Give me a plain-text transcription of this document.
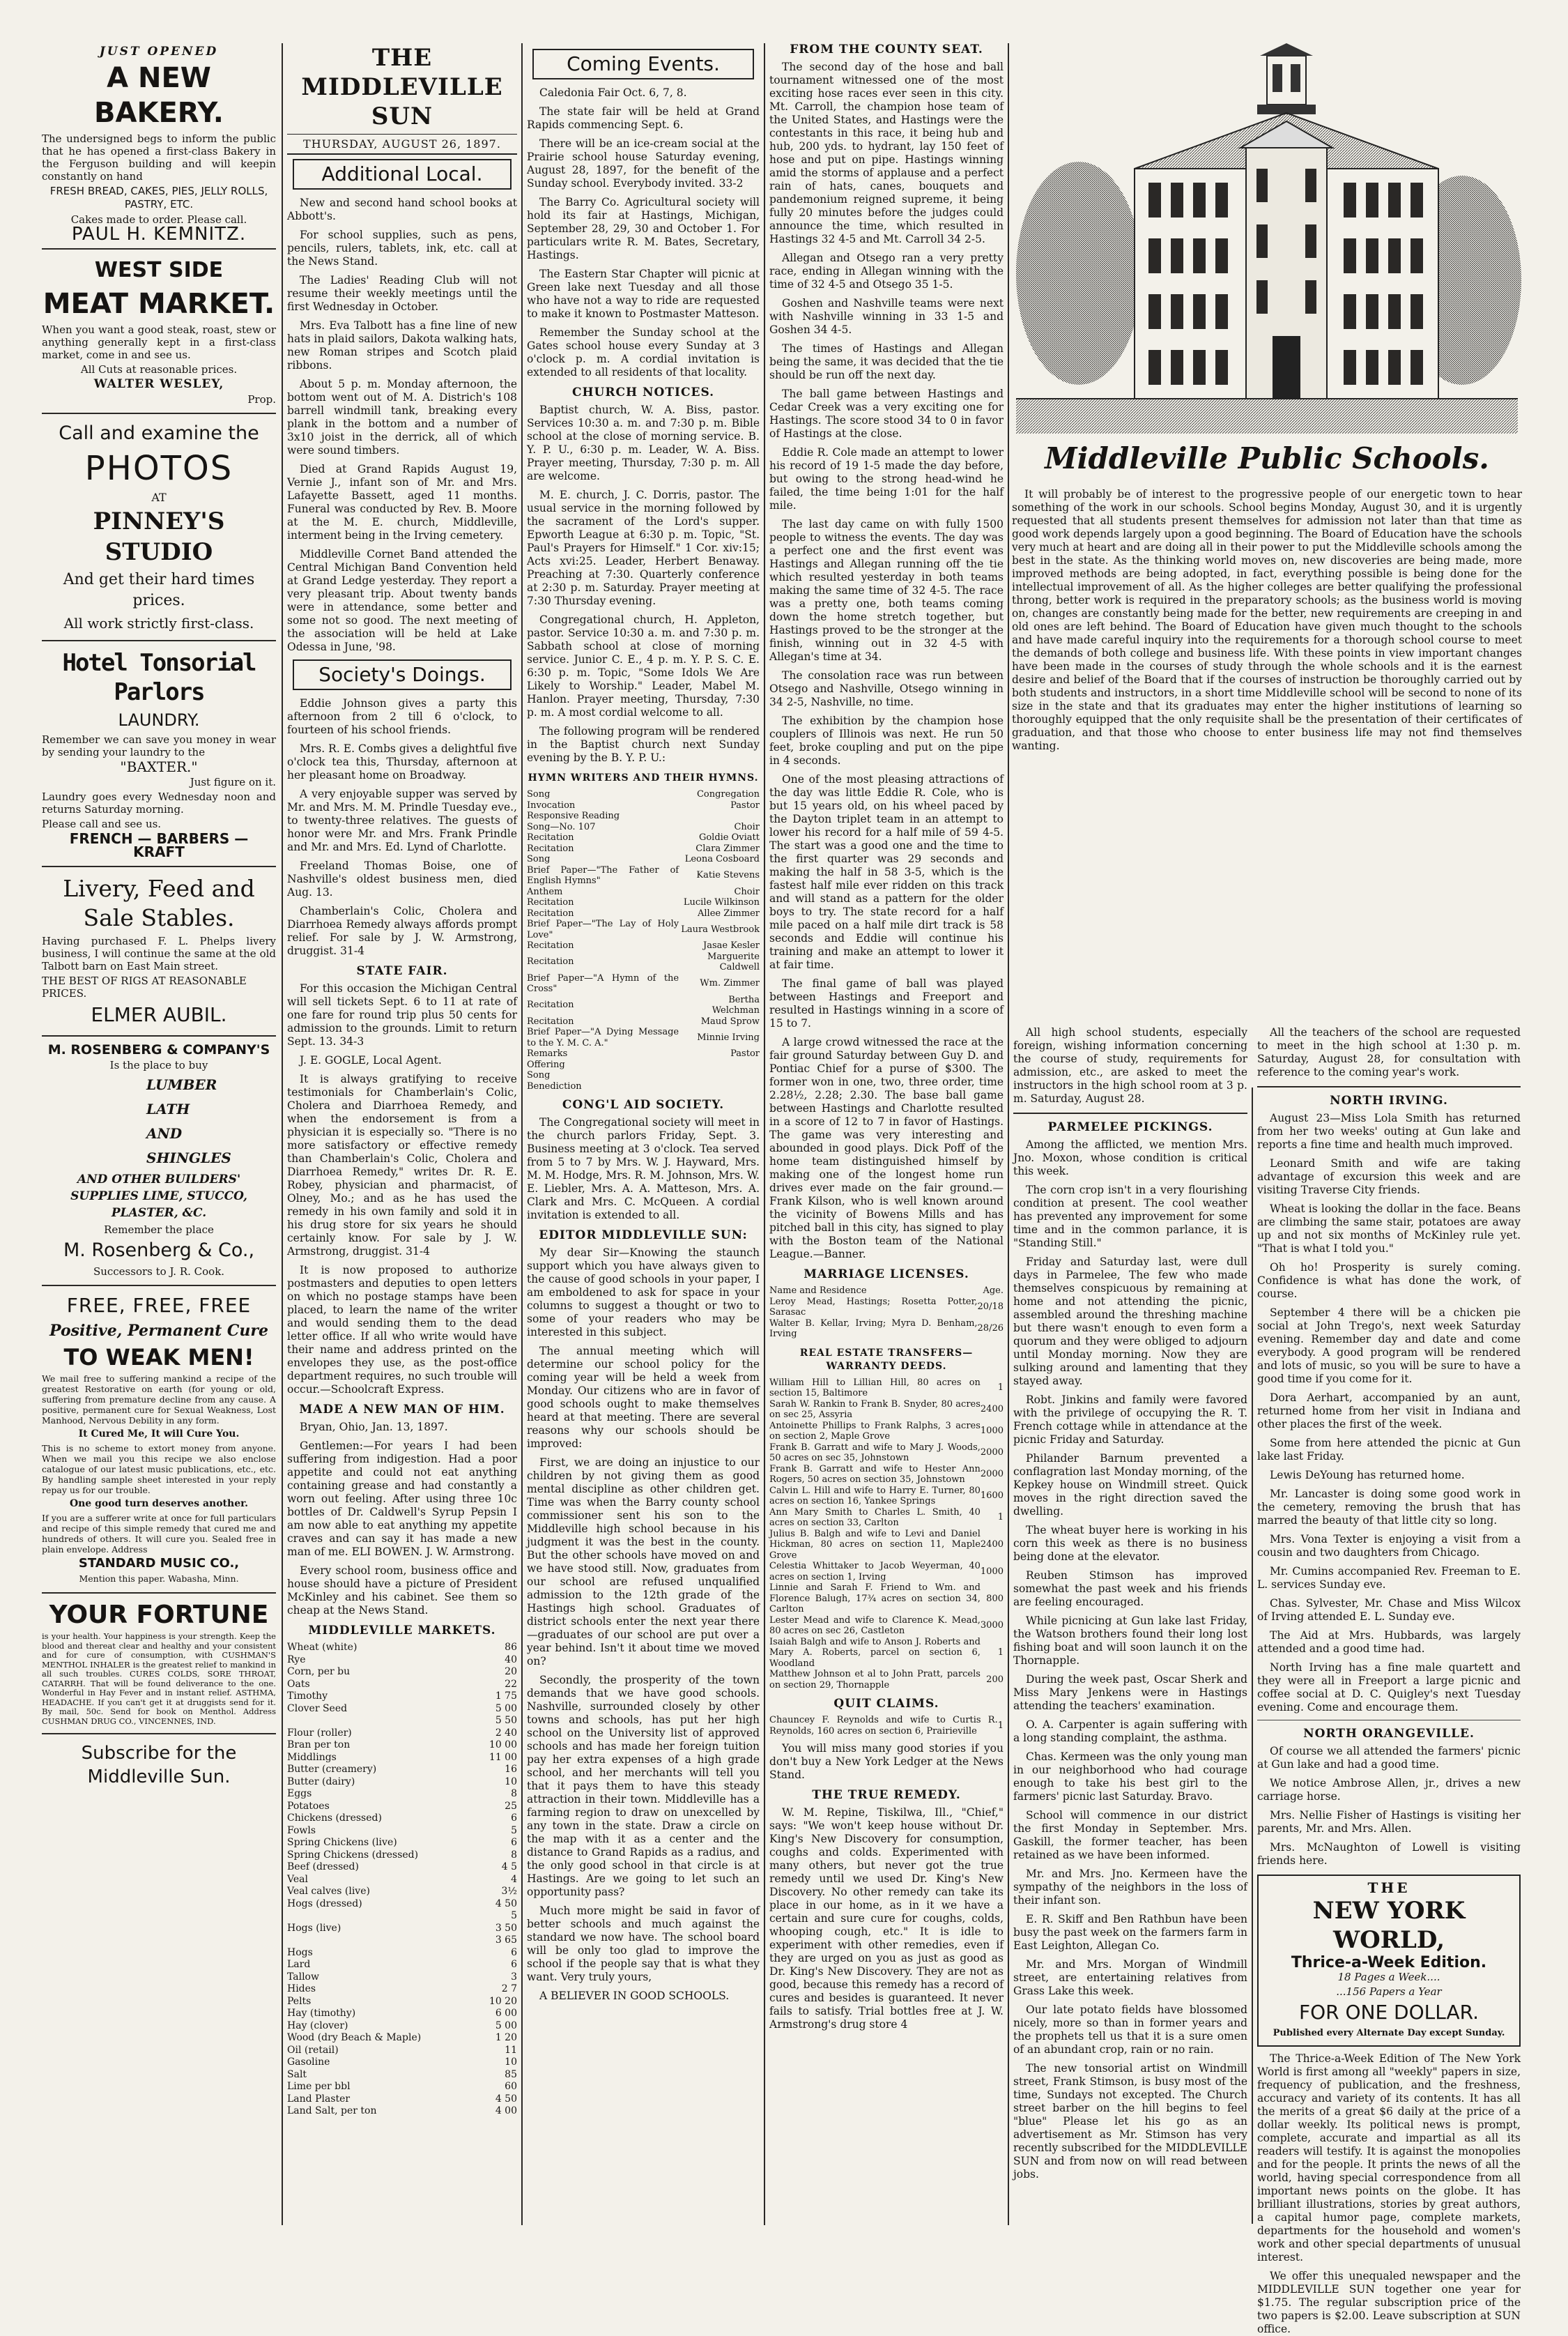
JUST OPENED

A NEW BAKERY.

The undersigned begs to inform the public that he has opened a first-class Bakery in the Ferguson building and will keepin constantly on hand

FRESH BREAD, CAKES, PIES, JELLY ROLLS, PASTRY, ETC.

Cakes made to order. Please call.

PAUL H. KEMNITZ.

WEST SIDE

MEAT MARKET.

When you want a good steak, roast, stew or anything generally kept in a first-class market, come in and see us.

All Cuts at reasonable prices.

WALTER WESLEY,

Prop.

Call and examine the

PHOTOS

AT

PINNEY'S STUDIO

And get their hard times prices.

All work strictly first-class.

Hotel Tonsorial Parlors

LAUNDRY.

Remember we can save you money in wear by sending your laundry to the

"BAXTER."

Just figure on it.

Laundry goes every Wednesday noon and returns Saturday morning.

Please call and see us.

FRENCH — BARBERS — KRAFT

Livery, Feed and Sale Stables.

Having purchased F. L. Phelps livery business, I will continue the same at the old Talbott barn on East Main street.

THE BEST OF RIGS AT REASONABLE PRICES.

ELMER AUBIL.

M. ROSENBERG & COMPANY'S

Is the place to buy

LUMBER

LATH

AND

SHINGLES

AND OTHER BUILDERS' SUPPLIES LIME, STUCCO, PLASTER, &C.

Remember the place

M. Rosenberg & Co.,

Successors to J. R. Cook.

FREE, FREE, FREE

Positive, Permanent Cure

TO WEAK MEN!

We mail free to suffering mankind a recipe of the greatest Restorative on earth (for young or old, suffering from premature decline from any cause. A positive, permanent cure for Sexual Weakness, Lost Manhood, Nervous Debility in any form.

It Cured Me, It will Cure You.

This is no scheme to extort money from anyone. When we mail you this recipe we also enclose catalogue of our latest music publications, etc., etc. By handling sample sheet interested in your reply repay us for our trouble.

One good turn deserves another.

If you are a sufferer write at once for full particulars and recipe of this simple remedy that cured me and hundreds of others. It will cure you. Sealed free in plain envelope. Address

STANDARD MUSIC CO.,

Mention this paper. Wabasha, Minn.

YOUR FORTUNE

is your health. Your happiness is your strength. Keep the blood and thereat clear and healthy and your consistent and for cure of consumption, with CUSHMAN'S MENTHOL INHALER is the greatest relief to mankind in all such troubles. CURES COLDS, SORE THROAT, CATARRH. That will be found deliverance to the one. Wonderful in Hay Fever and in instant relief. ASTHMA, HEADACHE. If you can't get it at druggists send for it. By mail, 50c. Send for book on Menthol. Address CUSHMAN DRUG CO., VINCENNES, IND.

Subscribe for the Middleville Sun.

THE MIDDLEVILLE SUN
THURSDAY, AUGUST 26, 1897.
Additional Local.

New and second hand school books at Abbott's.

For school supplies, such as pens, pencils, rulers, tablets, ink, etc. call at the News Stand.

The Ladies' Reading Club will not resume their weekly meetings until the first Wednesday in October.

Mrs. Eva Talbott has a fine line of new hats in plaid sailors, Dakota walking hats, new Roman stripes and Scotch plaid ribbons.

About 5 p. m. Monday afternoon, the bottom went out of M. A. Districh's 108 barrell windmill tank, breaking every plank in the bottom and a number of 3x10 joist in the derrick, all of which were sound timbers.

Died at Grand Rapids August 19, Vernie J., infant son of Mr. and Mrs. Lafayette Bassett, aged 11 months. Funeral was conducted by Rev. B. Moore at the M. E. church, Middleville, interment being in the Irving cemetery.

Middleville Cornet Band attended the Central Michigan Band Convention held at Grand Ledge yesterday. They report a very pleasant trip. About twenty bands were in attendance, some better and some not so good. The next meeting of the association will be held at Lake Odessa in June, '98.

Society's Doings.

Eddie Johnson gives a party this afternoon from 2 till 6 o'clock, to fourteen of his school friends.

Mrs. R. E. Combs gives a delightful five o'clock tea this, Thursday, afternoon at her pleasant home on Broadway.

A very enjoyable supper was served by Mr. and Mrs. M. M. Prindle Tuesday eve., to twenty-three relatives. The guests of honor were Mr. and Mrs. Frank Prindle and Mr. and Mrs. Ed. Lynd of Charlotte.

Freeland Thomas Boise, one of Nashville's oldest business men, died Aug. 13.

Chamberlain's Colic, Cholera and Diarrhoea Remedy always affords prompt relief. For sale by J. W. Armstrong, druggist. 31-4

STATE FAIR.

For this occasion the Michigan Central will sell tickets Sept. 6 to 11 at rate of one fare for round trip plus 50 cents for admission to the grounds. Limit to return Sept. 13. 34-3

J. E. GOGLE, Local Agent.

It is always gratifying to receive testimonials for Chamberlain's Colic, Cholera and Diarrhoea Remedy, and when the endorsement is from a physician it is especially so. "There is no more satisfactory or effective remedy than Chamberlain's Colic, Cholera and Diarrhoea Remedy," writes Dr. R. E. Robey, physician and pharmacist, of Olney, Mo.; and as he has used the remedy in his own family and sold it in his drug store for six years he should certainly know. For sale by J. W. Armstrong, druggist. 31-4

It is now proposed to authorize postmasters and deputies to open letters on which no postage stamps have been placed, to learn the name of the writer and would sending them to the dead letter office. If all who write would have their name and address printed on the envelopes they use, as the post-office department requires, no such trouble will occur.—Schoolcraft Express.

MADE A NEW MAN OF HIM.

Bryan, Ohio, Jan. 13, 1897.

Gentlemen:—For years I had been suffering from indigestion. Had a poor appetite and could not eat anything containing grease and had constantly a worn out feeling. After using three 10c bottles of Dr. Caldwell's Syrup Pepsin I am now able to eat anything my appetite craves and can say it has made a new man of me. ELI BOWEN. J. W. Armstrong.

Every school room, business office and house should have a picture of President McKinley and his cabinet. See them so cheap at the News Stand.

MIDDLEVILLE MARKETS.
Wheat (white)	86
Rye	40
Corn, per bu	20
Oats	22
Timothy	1 75
Clover Seed	5 00 5 50
Flour (roller)	2 40
Bran per ton	10 00
Middlings	11 00
Butter (creamery)	16
Butter (dairy)	10
Eggs	8
Potatoes	25
Chickens (dressed)	6
Fowls	5
Spring Chickens (live)	6
Spring Chickens (dressed)	8
Beef (dressed)	4 5
Veal	4
Veal calves (live)	3½
Hogs (dressed)	4 50 5
Hogs (live)	3 50 3 65
Hogs	6
Lard	6
Tallow	3
Hides	2 7
Pelts	10 20
Hay (timothy)	6 00
Hay (clover)	5 00
Wood (dry Beach & Maple)	1 20
Oil (retail)	11
Gasoline	10
Salt	85
Lime per bbl	60
Land Plaster	4 50
Land Salt, per ton	4 00
Coming Events.

Caledonia Fair Oct. 6, 7, 8.

The state fair will be held at Grand Rapids commencing Sept. 6.

There will be an ice-cream social at the Prairie school house Saturday evening, August 28, 1897, for the benefit of the Sunday school. Everybody invited. 33-2

The Barry Co. Agricultural society will hold its fair at Hastings, Michigan, September 28, 29, 30 and October 1. For particulars write R. M. Bates, Secretary, Hastings.

The Eastern Star Chapter will picnic at Green lake next Tuesday and all those who have not a way to ride are requested to make it known to Postmaster Matteson.

Remember the Sunday school at the Gates school house every Sunday at 3 o'clock p. m. A cordial invitation is extended to all residents of that locality.

CHURCH NOTICES.

Baptist church, W. A. Biss, pastor. Services 10:30 a. m. and 7:30 p. m. Bible school at the close of morning service. B. Y. P. U., 6:30 p. m. Leader, W. A. Biss. Prayer meeting, Thursday, 7:30 p. m. All are welcome.

M. E. church, J. C. Dorris, pastor. The usual service in the morning followed by the sacrament of the Lord's supper. Epworth League at 6:30 p. m. Topic, "St. Paul's Prayers for Himself." 1 Cor. xiv:15; Acts xvi:25. Leader, Herbert Benaway. Preaching at 7:30. Quarterly conference at 2:30 p. m. Saturday. Prayer meeting at 7:30 Thursday evening.

Congregational church, H. Appleton, pastor. Service 10:30 a. m. and 7:30 p. m. Sabbath school at close of morning service. Junior C. E., 4 p. m. Y. P. S. C. E. 6:30 p. m. Topic, "Some Idols We Are Likely to Worship." Leader, Mabel M. Hanlon. Prayer meeting, Thursday, 7:30 p. m. A most cordial welcome to all.

The following program will be rendered in the Baptist church next Sunday evening by the B. Y. P. U.:

HYMN WRITERS AND THEIR HYMNS.
Song	Congregation
Invocation	Pastor
Responsive Reading	
Song—No. 107	Choir
Recitation	Goldie Oviatt
Recitation	Clara Zimmer
Song	Leona Cosboard
Brief Paper—"The Father of English Hymns"	Katie Stevens
Anthem	Choir
Recitation	Lucile Wilkinson
Recitation	Allee Zimmer
Brief Paper—"The Lay of Holy Love"	Laura Westbrook
Recitation	Jasae Kesler
Recitation	Marguerite Caldwell
Brief Paper—"A Hymn of the Cross"	Wm. Zimmer
Recitation	Bertha Welchman
Recitation	Maud Sprow
Brief Paper—"A Dying Message to the Y. M. C. A."	Minnie Irving
Remarks	Pastor
Offering	
Song	
Benediction	
CONG'L AID SOCIETY.

The Congregational society will meet in the church parlors Friday, Sept. 3. Business meeting at 3 o'clock. Tea served from 5 to 7 by Mrs. W. J. Hayward, Mrs. M. M. Hodge, Mrs. R. M. Johnson, Mrs. W. E. Liebler, Mrs. A. A. Matteson, Mrs. A. Clark and Mrs. C. McQueen. A cordial invitation is extended to all.

EDITOR MIDDLEVILLE SUN:

My dear Sir—Knowing the staunch support which you have always given to the cause of good schools in your paper, I am emboldened to ask for space in your columns to suggest a thought or two to some of your readers who may be interested in this subject.

The annual meeting which will determine our school policy for the coming year will be held a week from Monday. Our citizens who are in favor of good schools ought to make themselves heard at that meeting. There are several reasons why our schools should be improved:

First, we are doing an injustice to our children by not giving them as good mental discipline as other children get. Time was when the Barry county school commissioner sent his son to the Middleville high school because in his judgment it was the best in the county. But the other schools have moved on and we have stood still. Now, graduates from our school are refused unqualified admission to the 12th grade of the Hastings high school. Graduates of district schools enter the next year there—graduates of our school are put over a year behind. Isn't it about time we moved on?

Secondly, the prosperity of the town demands that we have good schools. Nashville, surrounded closely by other towns and schools, has put her high school on the University list of approved schools and has made her foreign tuition pay her extra expenses of a high grade school, and her merchants will tell you that it pays them to have this steady attraction in their town. Middleville has a farming region to draw on unexcelled by any town in the state. Draw a circle on the map with it as a center and the distance to Grand Rapids as a radius, and the only good school in that circle is at Hastings. Are we going to let such an opportunity pass?

Much more might be said in favor of better schools and much against the standard we now have. The school board will be only too glad to improve the school if the people say that is what they want. Very truly yours,

A BELIEVER IN GOOD SCHOOLS.

FROM THE COUNTY SEAT.

The second day of the hose and ball tournament witnessed one of the most exciting hose races ever seen in this city. Mt. Carroll, the champion hose team of the United States, and Hastings were the contestants in this race, it being hub and hub, 200 yds. to hydrant, lay 150 feet of hose and put on pipe. Hastings winning amid the storms of applause and a perfect rain of hats, canes, bouquets and pandemonium reigned supreme, it being fully 20 minutes before the judges could announce the time, which resulted in Hastings 32 4-5 and Mt. Carroll 34 2-5.

Allegan and Otsego ran a very pretty race, ending in Allegan winning with the time of 32 4-5 and Otsego 35 1-5.

Goshen and Nashville teams were next with Nashville winning in 33 1-5 and Goshen 34 4-5.

The times of Hastings and Allegan being the same, it was decided that the tie should be run off the next day.

The ball game between Hastings and Cedar Creek was a very exciting one for Hastings. The score stood 34 to 0 in favor of Hastings at the close.

Eddie R. Cole made an attempt to lower his record of 19 1-5 made the day before, but owing to the strong head-wind he failed, the time being 1:01 for the half mile.

The last day came on with fully 1500 people to witness the events. The day was a perfect one and the first event was Hastings and Allegan running off the tie which resulted yesterday in both teams making the same time of 32 4-5. The race was a pretty one, both teams coming down the home stretch together, but Hastings proved to be the stronger at the finish, winning out in 32 4-5 with Allegan's time at 34.

The consolation race was run between Otsego and Nashville, Otsego winning in 34 2-5, Nashville, no time.

The exhibition by the champion hose couplers of Illinois was next. He run 50 feet, broke coupling and put on the pipe in 4 seconds.

One of the most pleasing attractions of the day was little Eddie R. Cole, who is but 15 years old, on his wheel paced by the Dayton triplet team in an attempt to lower his record for a half mile of 59 4-5. The start was a good one and the time to the first quarter was 29 seconds and making the half in 58 3-5, which is the fastest half mile ever ridden on this track and will stand as a pattern for the older boys to try. The state record for a half mile paced on a half mile dirt track is 58 seconds and Eddie will continue his training and make an attempt to lower it at fair time.

The final game of ball was played between Hastings and Freeport and resulted in Hastings winning in a score of 15 to 7.

A large crowd witnessed the race at the fair ground Saturday between Guy D. and Pontiac Chief for a purse of $300. The former won in one, two, three order, time 2.28½, 2.28; 2.30. The base ball game between Hastings and Charlotte resulted in a score of 12 to 7 in favor of Hastings. The game was very interesting and abounded in good plays. Dick Poff of the home team distinguished himself by making one of the longest home run drives ever made on the fair ground.—Frank Kilson, who is well known around the vicinity of Bowens Mills and has pitched ball in this city, has signed to play with the Boston team of the National League.—Banner.

MARRIAGE LICENSES.
Name and Residence	Age.
Leroy Mead, Hastings; Rosetta Potter, Sarasac	20/18
Walter B. Kellar, Irving; Myra D. Benham, Irving	28/26
REAL ESTATE TRANSFERS—WARRANTY DEEDS.
William Hill to Lillian Hill, 80 acres on section 15, Baltimore	1
Sarah W. Rankin to Frank B. Snyder, 80 acres on sec 25, Assyria	2400
Antoinette Phillips to Frank Ralphs, 3 acres on section 2, Maple Grove	1000
Frank B. Garratt and wife to Mary J. Woods, 50 acres on sec 35, Johnstown	2000
Frank B. Garratt and wife to Hester Ann Rogers, 50 acres on section 35, Johnstown	2000
Calvin L. Hill and wife to Harry E. Turner, 80 acres on section 16, Yankee Springs	1600
Ann Mary Smith to Charles L. Smith, 40 acres on section 33, Carlton	1
Julius B. Balgh and wife to Levi and Daniel Hickman, 80 acres on section 11, Maple Grove	2400
Celestia Whittaker to Jacob Weyerman, 40 acres on section 1, Irving	1000
Linnie and Sarah F. Friend to Wm. and Florence Balugh, 17¾ acres on section 34, Carlton	800
Lester Mead and wife to Clarence K. Mead, 80 acres on sec 26, Castleton	3000
Isaiah Balgh and wife to Anson J. Roberts and Mary A. Roberts, parcel on section 6, Woodland	1
Matthew Johnson et al to John Pratt, parcels on section 29, Thornapple	200
QUIT CLAIMS.
Chauncey F. Reynolds and wife to Curtis R. Reynolds, 160 acres on section 6, Prairieville	1

You will miss many good stories if you don't buy a New York Ledger at the News Stand.

THE TRUE REMEDY.

W. M. Repine, Tiskilwa, Ill., "Chief," says: "We won't keep house without Dr. King's New Discovery for consumption, coughs and colds. Experimented with many others, but never got the true remedy until we used Dr. King's New Discovery. No other remedy can take its place in our home, as in it we have a certain and sure cure for coughs, colds, whooping cough, etc." It is idle to experiment with other remedies, even if they are urged on you as just as good as Dr. King's New Discovery. They are not as good, because this remedy has a record of cures and besides is guaranteed. It never fails to satisfy. Trial bottles free at J. W. Armstrong's drug store 4

Middleville Public Schools.

It will probably be of interest to the progressive people of our energetic town to hear something of the work in our schools. School begins Monday, August 30, and it is urgently requested that all students present themselves for admission not later than that time as good work depends largely upon a good beginning. The Board of Education have the schools very much at heart and are doing all in their power to put the Middleville schools among the best in the state. As the thinking world moves on, new discoveries are being made, more improved methods are being adopted, in fact, everything possible is being done for the intellectual improvement of all. As the higher colleges are better qualifying the professional throng, better work is required in the preparatory schools; as the business world is moving on, changes are constantly being made for the better, new requirements are creeping in and old ones are left behind. The Board of Education have given much thought to the schools and have made careful inquiry into the requirements for a thorough school course to meet the demands of both college and business life. With these points in view important changes have been made in the courses of study through the whole schools and it is the earnest desire and belief of the Board that if the courses of instruction be thoroughly carried out by both students and instructors, in a short time Middleville school will be second to none of its size in the state and that its graduates may enter the higher institutions of learning so thoroughly equipped that the only requisite shall be the presentation of their certificates of graduation, and that those who choose to enter business life may not find themselves wanting.

All high school students, especially foreign, wishing information concerning the course of study, requirements for admission, etc., are asked to meet the instructors in the high school room at 3 p. m. Saturday, August 28.

PARMELEE PICKINGS.

Among the afflicted, we mention Mrs. Jno. Moxon, whose condition is critical this week.

The corn crop isn't in a very flourishing condition at present. The cool weather has prevented any improvement for some time and in the common parlance, it is "Standing Still."

Friday and Saturday last, were dull days in Parmelee, The few who made themselves conspicuous by remaining at home and not attending the picnic, assembled around the threshing machine but there wasn't enough to even form a quorum and they were obliged to adjourn until Monday morning. Now they are sulking around and lamenting that they stayed away.

Robt. Jinkins and family were favored with the privilege of occupying the R. T. French cottage while in attendance at the picnic Friday and Saturday.

Philander Barnum prevented a conflagration last Monday morning, of the Kepkey house on Windmill street. Quick moves in the right direction saved the dwelling.

The wheat buyer here is working in his corn this week as there is no business being done at the elevator.

Reuben Stimson has improved somewhat the past week and his friends are feeling encouraged.

While picnicing at Gun lake last Friday, the Watson brothers found their long lost fishing boat and will soon launch it on the Thornapple.

During the week past, Oscar Sherk and Miss Mary Jenkens were in Hastings attending the teachers' examination.

O. A. Carpenter is again suffering with a long standing complaint, the asthma.

Chas. Kermeen was the only young man in our neighborhood who had courage enough to take his best girl to the farmers' picnic last Saturday. Bravo.

School will commence in our district the first Monday in September. Mrs. Gaskill, the former teacher, has been retained as we have been informed.

Mr. and Mrs. Jno. Kermeen have the sympathy of the neighbors in the loss of their infant son.

E. R. Skiff and Ben Rathbun have been busy the past week on the farmers farm in East Leighton, Allegan Co.

Mr. and Mrs. Morgan of Windmill street, are entertaining relatives from Grass Lake this week.

Our late potato fields have blossomed nicely, more so than in former years and the prophets tell us that it is a sure omen of an abundant crop, rain or no rain.

The new tonsorial artist on Windmill street, Frank Stimson, is busy most of the time, Sundays not excepted. The Church street barber on the hill begins to feel "blue" Please let his go as an advertisement as Mr. Stimson has very recently subscribed for the MIDDLEVILLE SUN and from now on will read between jobs.

All the teachers of the school are requested to meet in the high school at 1:30 p. m. Saturday, August 28, for consultation with reference to the coming year's work.

NORTH IRVING.

August 23—Miss Lola Smith has returned from her two weeks' outing at Gun lake and reports a fine time and health much improved.

Leonard Smith and wife are taking advantage of excursion this week and are visiting Traverse City friends.

Wheat is looking the dollar in the face. Beans are climbing the same stair, potatoes are away up and not six months of McKinley rule yet. "That is what I told you."

Oh ho! Prosperity is surely coming. Confidence is what has done the work, of course.

September 4 there will be a chicken pie social at John Trego's, next week Saturday evening. Remember day and date and come everybody. A good program will be rendered and lots of music, so you will be sure to have a good time if you come for it.

Dora Aerhart, accompanied by an aunt, returned home from her visit in Indiana and other places the first of the week.

Some from here attended the picnic at Gun lake last Friday.

Lewis DeYoung has returned home.

Mr. Lancaster is doing some good work in the cemetery, removing the brush that has marred the beauty of that little city so long.

Mrs. Vona Texter is enjoying a visit from a cousin and two daughters from Chicago.

Mr. Cumins accompanied Rev. Freeman to E. L. services Sunday eve.

Chas. Sylvester, Mr. Chase and Miss Wilcox of Irving attended E. L. Sunday eve.

The Aid at Mrs. Hubbards, was largely attended and a good time had.

North Irving has a fine male quartett and they were all in Freeport a large picnic and coffee social at D. C. Quigley's next Tuesday evening. Come and encourage them.

NORTH ORANGEVILLE.

Of course we all attended the farmers' picnic at Gun lake and had a good time.

We notice Ambrose Allen, jr., drives a new carriage horse.

Mrs. Nellie Fisher of Hastings is visiting her parents, Mr. and Mrs. Allen.

Mrs. McNaughton of Lowell is visiting friends here.

THE

NEW YORK WORLD,

Thrice-a-Week Edition.

18 Pages a Week....

...156 Papers a Year

FOR ONE DOLLAR.

Published every Alternate Day except Sunday.

The Thrice-a-Week Edition of The New York World is first among all "weekly" papers in size, frequency of publication, and the freshness, accuracy and variety of its contents. It has all the merits of a great $6 daily at the price of a dollar weekly. Its political news is prompt, complete, accurate and impartial as all its readers will testify. It is against the monopolies and for the people. It prints the news of all the world, having special correspondence from all important news points on the globe. It has brilliant illustrations, stories by great authors, a capital humor page, complete markets, departments for the household and women's work and other special departments of unusual interest.

We offer this unequaled newspaper and the MIDDLEVILLE SUN together one year for $1.75. The regular subscription price of the two papers is $2.00. Leave subscription at SUN office.
